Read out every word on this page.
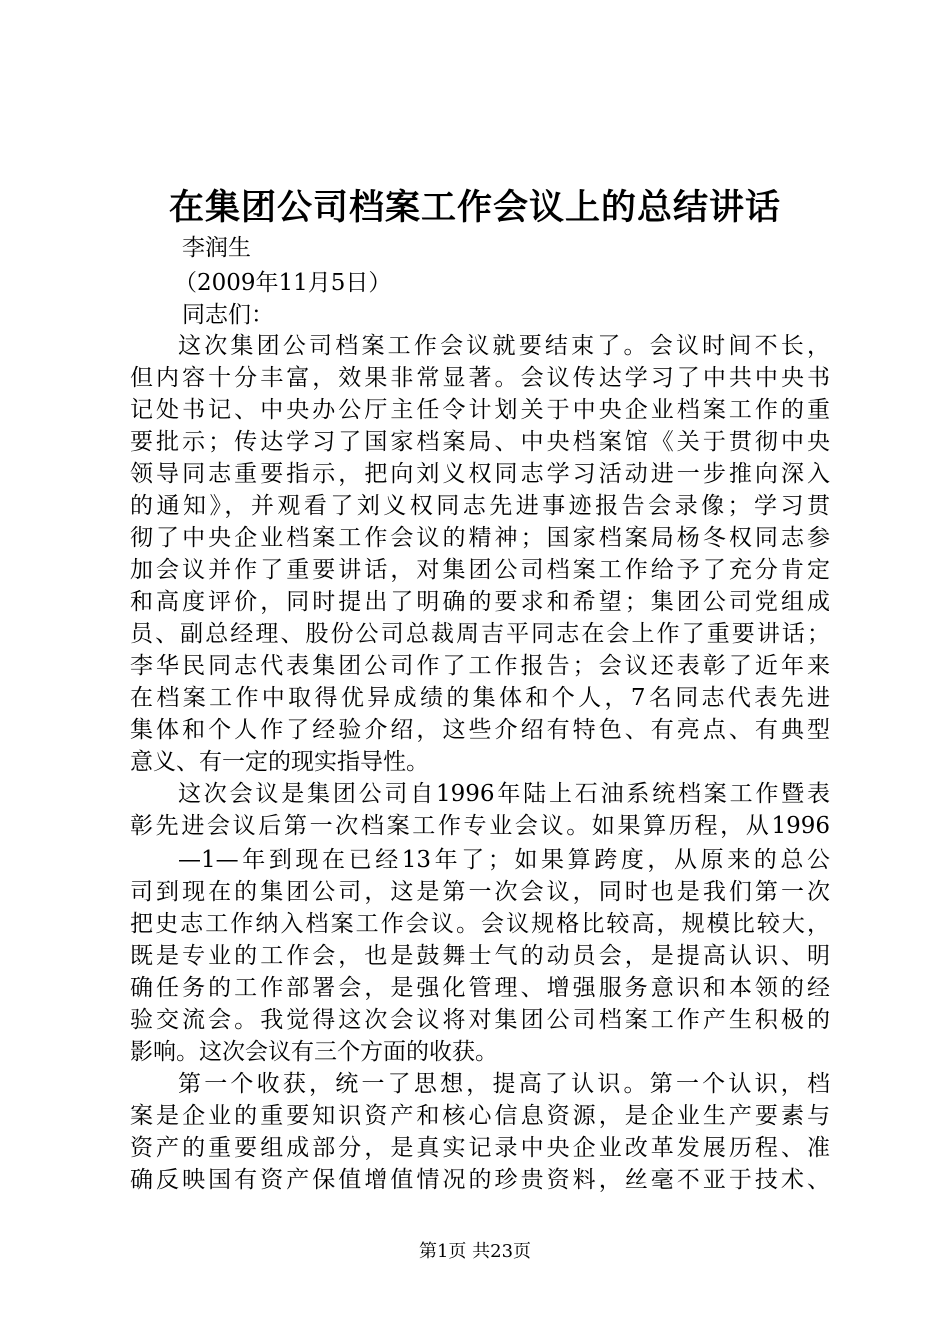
在集团公司档案工作会议上的总结讲话
李润生
（2009年11月5日）
同志们：
这次集团公司档案工作会议就要结束了。会议时间不长，
但内容十分丰富，效果非常显著。会议传达学习了中共中央书
记处书记、中央办公厅主任令计划关于中央企业档案工作的重
要批示；传达学习了国家档案局、中央档案馆《关于贯彻中央
领导同志重要指示，把向刘义权同志学习活动进一步推向深入
的通知》，并观看了刘义权同志先进事迹报告会录像；学习贯
彻了中央企业档案工作会议的精神；国家档案局杨冬权同志参
加会议并作了重要讲话，对集团公司档案工作给予了充分肯定
和高度评价，同时提出了明确的要求和希望；集团公司党组成
员、副总经理、股份公司总裁周吉平同志在会上作了重要讲话；
李华民同志代表集团公司作了工作报告；会议还表彰了近年来
在档案工作中取得优异成绩的集体和个人，7名同志代表先进
集体和个人作了经验介绍，这些介绍有特色、有亮点、有典型
意义、有一定的现实指导性。
这次会议是集团公司自1996年陆上石油系统档案工作暨表
彰先进会议后第一次档案工作专业会议。如果算历程，从1996
—1—年到现在已经13年了；如果算跨度，从原来的总公
司到现在的集团公司，这是第一次会议，同时也是我们第一次
把史志工作纳入档案工作会议。会议规格比较高，规模比较大，
既是专业的工作会，也是鼓舞士气的动员会，是提高认识、明
确任务的工作部署会，是强化管理、增强服务意识和本领的经
验交流会。我觉得这次会议将对集团公司档案工作产生积极的
影响。这次会议有三个方面的收获。
第一个收获，统一了思想，提高了认识。第一个认识，档
案是企业的重要知识资产和核心信息资源，是企业生产要素与
资产的重要组成部分，是真实记录中央企业改革发展历程、准
确反映国有资产保值增值情况的珍贵资料，丝毫不亚于技术、
第1页 共23页
